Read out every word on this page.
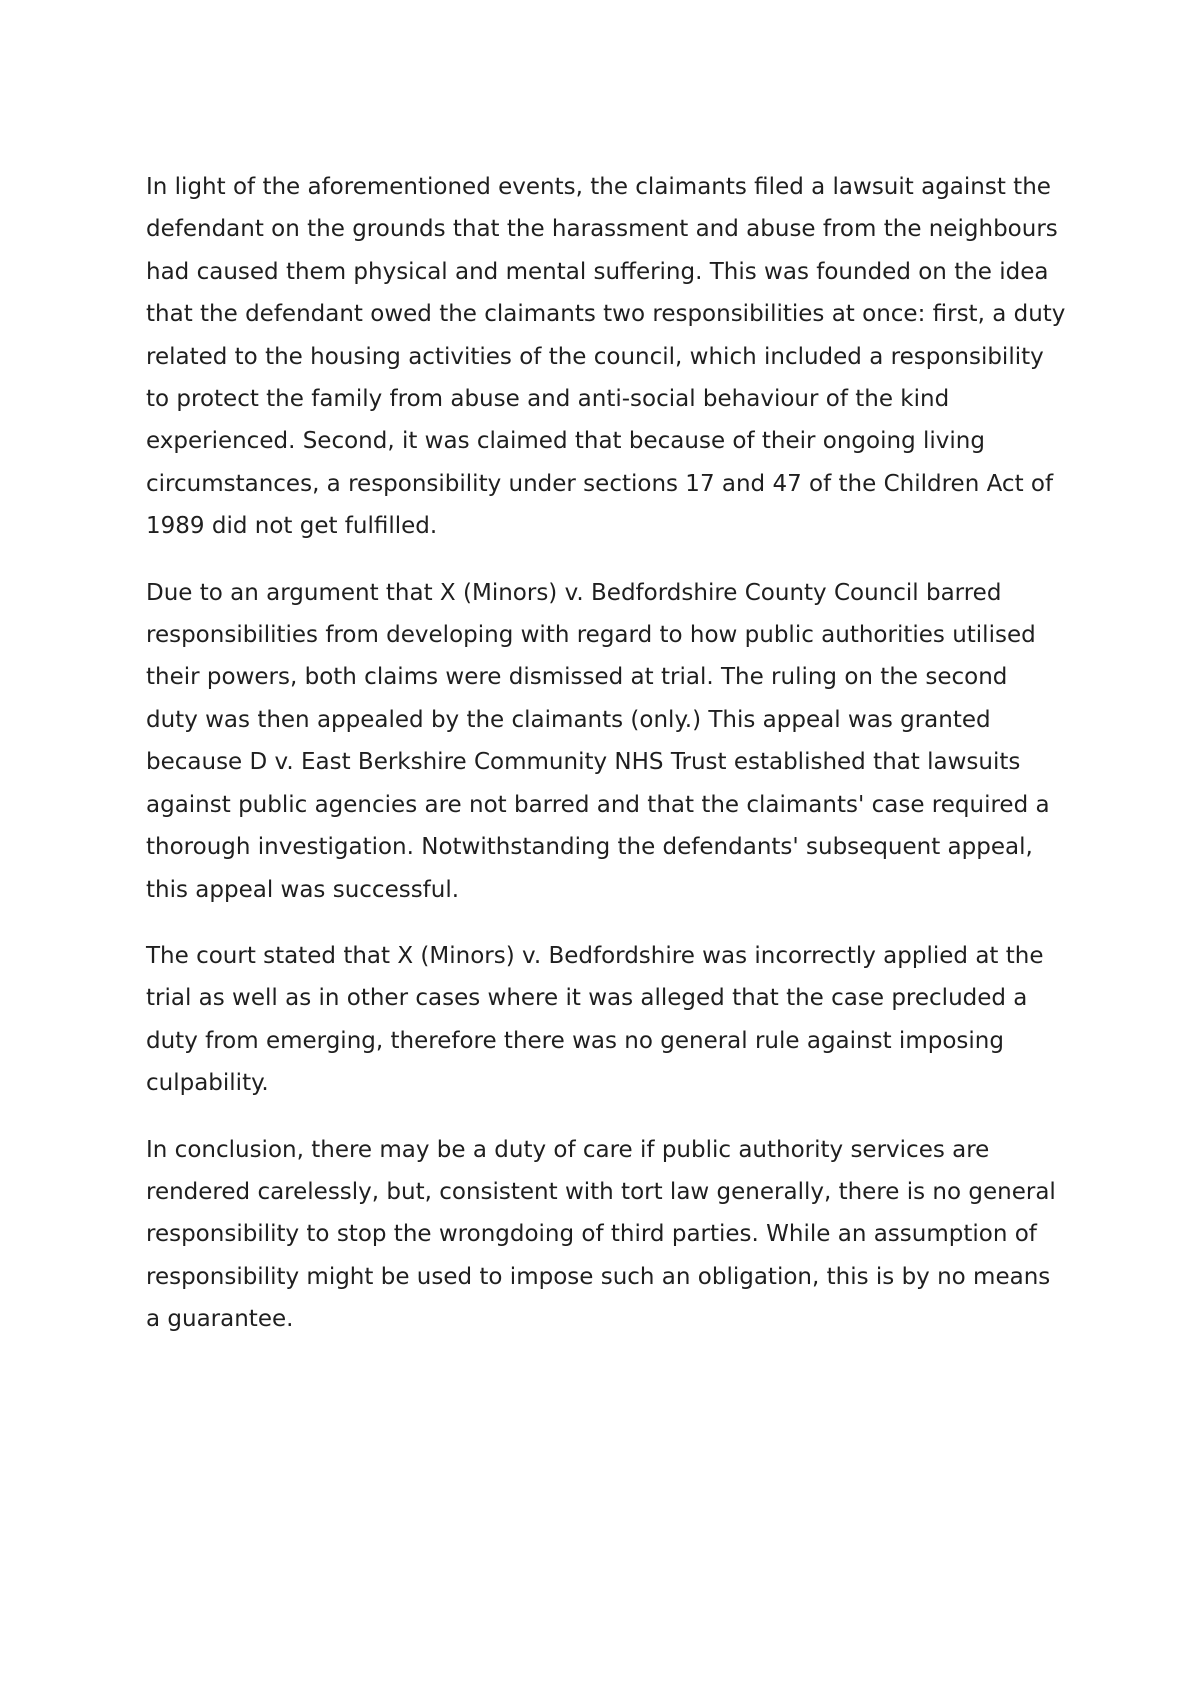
In light of the aforementioned events, the claimants filed a lawsuit against the defendant on the grounds that the harassment and abuse from the neighbours had caused them physical and mental suffering. This was founded on the idea that the defendant owed the claimants two responsibilities at once: first, a duty related to the housing activities of the council, which included a responsibility to protect the family from abuse and anti-social behaviour of the kind experienced. Second, it was claimed that because of their ongoing living circumstances, a responsibility under sections 17 and 47 of the Children Act of 1989 did not get fulfilled.

Due to an argument that X (Minors) v. Bedfordshire County Council barred responsibilities from developing with regard to how public authorities utilised their powers, both claims were dismissed at trial. The ruling on the second duty was then appealed by the claimants (only.) This appeal was granted because D v. East Berkshire Community NHS Trust established that lawsuits against public agencies are not barred and that the claimants' case required a thorough investigation. Notwithstanding the defendants' subsequent appeal, this appeal was successful.

The court stated that X (Minors) v. Bedfordshire was incorrectly applied at the trial as well as in other cases where it was alleged that the case precluded a duty from emerging, therefore there was no general rule against imposing culpability.

In conclusion, there may be a duty of care if public authority services are rendered carelessly, but, consistent with tort law generally, there is no general responsibility to stop the wrongdoing of third parties. While an assumption of responsibility might be used to impose such an obligation, this is by no means a guarantee.
